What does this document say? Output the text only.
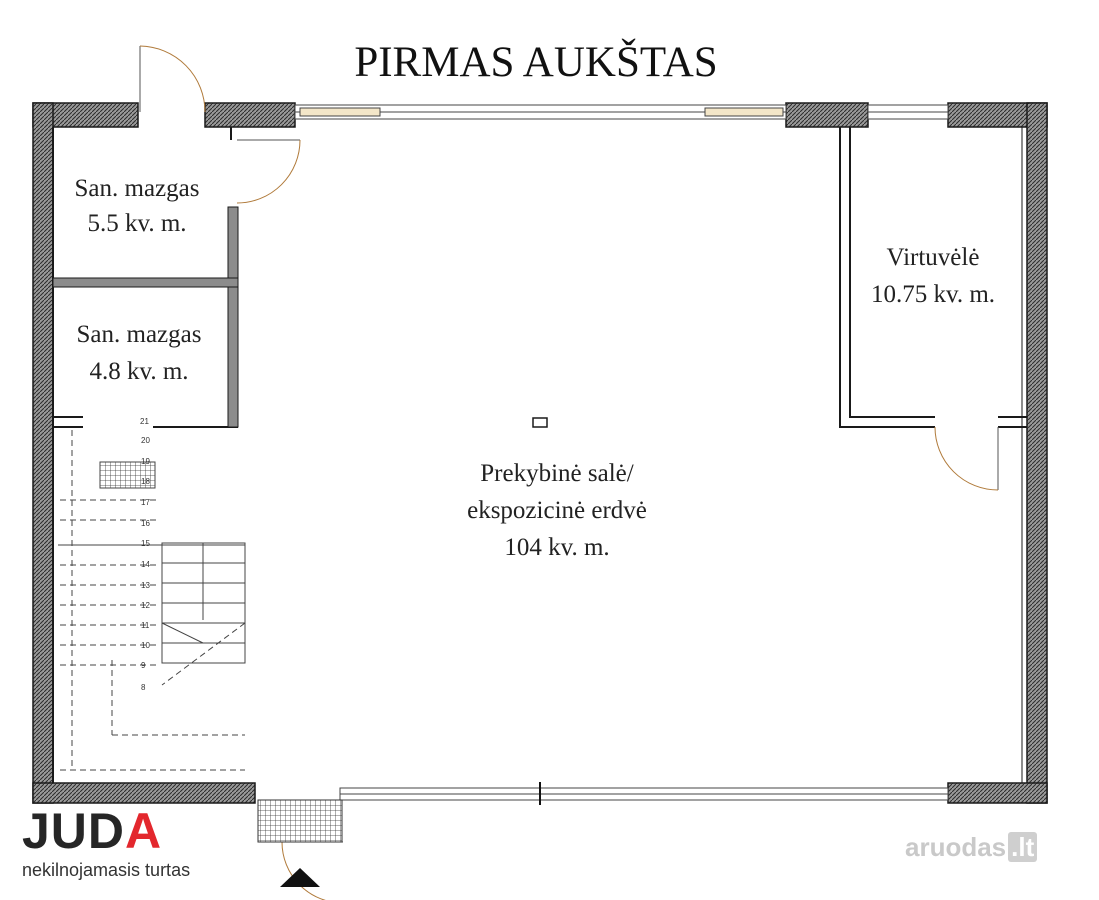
PIRMAS AUKŠTAS
21
20
19
18
17
16
15
14
13
12
11
10
9
8
San. mazgas
5.5 kv. m.
San. mazgas
4.8 kv. m.
Virtuvėlė
10.75 kv. m.
Prekybinė salė/
ekspozicinė erdvė
104 kv. m.
JUDA
nekilnojamasis turtas
aruodas .lt
